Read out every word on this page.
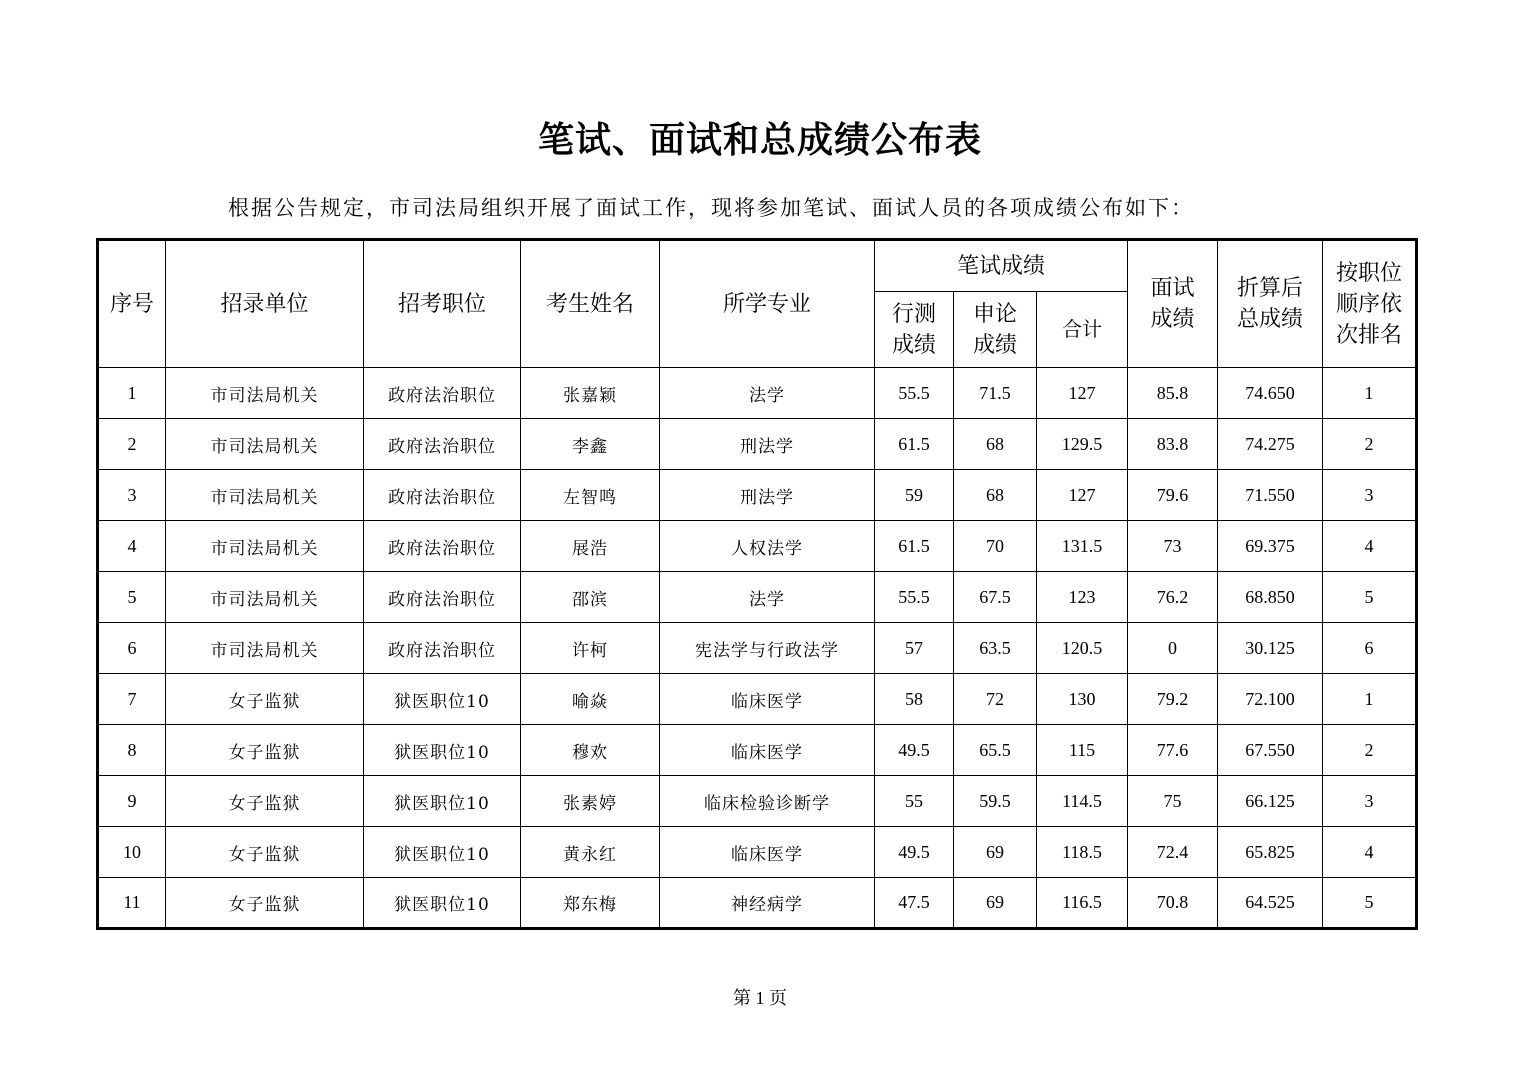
笔试、面试和总成绩公布表
根据公告规定，市司法局组织开展了面试工作，现将参加笔试、面试人员的各项成绩公布如下：
序号	招录单位	招考职位	考生姓名	所学专业	笔试成绩			面试成绩	折算后总成绩	按职位顺序依次排名
					行测成绩	申论成绩	合计			
1	市司法局机关	政府法治职位	张嘉颖	法学	55.5	71.5	127	85.8	74.650	1
2	市司法局机关	政府法治职位	李鑫	刑法学	61.5	68	129.5	83.8	74.275	2
3	市司法局机关	政府法治职位	左智鸣	刑法学	59	68	127	79.6	71.550	3
4	市司法局机关	政府法治职位	展浩	人权法学	61.5	70	131.5	73	69.375	4
5	市司法局机关	政府法治职位	邵滨	法学	55.5	67.5	123	76.2	68.850	5
6	市司法局机关	政府法治职位	许柯	宪法学与行政法学	57	63.5	120.5	0	30.125	6
7	女子监狱	狱医职位10	喻焱	临床医学	58	72	130	79.2	72.100	1
8	女子监狱	狱医职位10	穆欢	临床医学	49.5	65.5	115	77.6	67.550	2
9	女子监狱	狱医职位10	张素婷	临床检验诊断学	55	59.5	114.5	75	66.125	3
10	女子监狱	狱医职位10	黄永红	临床医学	49.5	69	118.5	72.4	65.825	4
11	女子监狱	狱医职位10	郑东梅	神经病学	47.5	69	116.5	70.8	64.525	5
第 1 页
